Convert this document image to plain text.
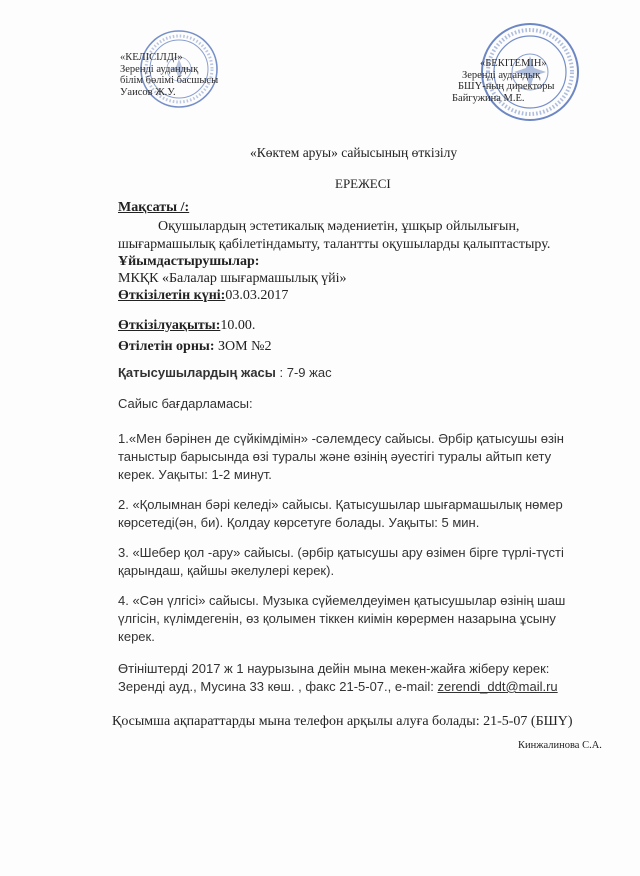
«КЕЛІСІЛДІ»
Зеренді аудандық
білім бөлімі басшысы
Уаисов Ж.У.
«БЕКІТЕМІН»
Зеренді аудандық
БШҮ-ның директоры
Байгужина М.Е.
«Көктем аруы» сайысының өткізілу
ЕРЕЖЕСІ
Мақсаты /:
Оқушылардың эстетикалық мәдениетін, ұшқыр ойлылығын,
шығармашылық қабілетіндамыту, талантты оқушыларды қалыптастыру.
Ұйымдастырушылар:
МКҚК «Балалар шығармашылық үйі»
Өткізілетін күні:03.03.2017
Өткізілуақыты:10.00.
Өтілетін орны: ЗОМ №2
Қатысушылардың жасы : 7-9 жас
Сайыс бағдарламасы:
1.«Мен бәрінен де сүйкімдімін» -сәлемдесу сайысы. Әрбір қатысушы өзін
таныстыр барысында өзі туралы және өзінің әуестігі туралы айтып кету
керек. Уақыты: 1-2 минут.
2. «Қолымнан бәрі келеді» сайысы. Қатысушылар шығармашылық нөмер
көрсетеді(ән, би). Қолдау көрсетуге болады. Уақыты: 5 мин.
3. «Шебер қол -ару» сайысы. (әрбір қатысушы ару өзімен бірге түрлі-түсті
қарындаш, қайшы әкелулері керек).
4. «Сән үлгісі» сайысы. Музыка сүйемелдеуімен қатысушылар өзінің шаш
үлгісін, күлімдегенін, өз қолымен тіккен киімін көрермен назарына ұсыну
керек.
Өтініштерді 2017 ж 1 наурызына дейін мына мекен-жайға жіберу керек:
Зеренді ауд., Мусина 33 көш. , факс 21-5-07., e-mail: zerendi_ddt@mail.ru
Қосымша ақпараттарды мына телефон арқылы алуға болады: 21-5-07 (БШҮ)
Кинжалинова С.А.
